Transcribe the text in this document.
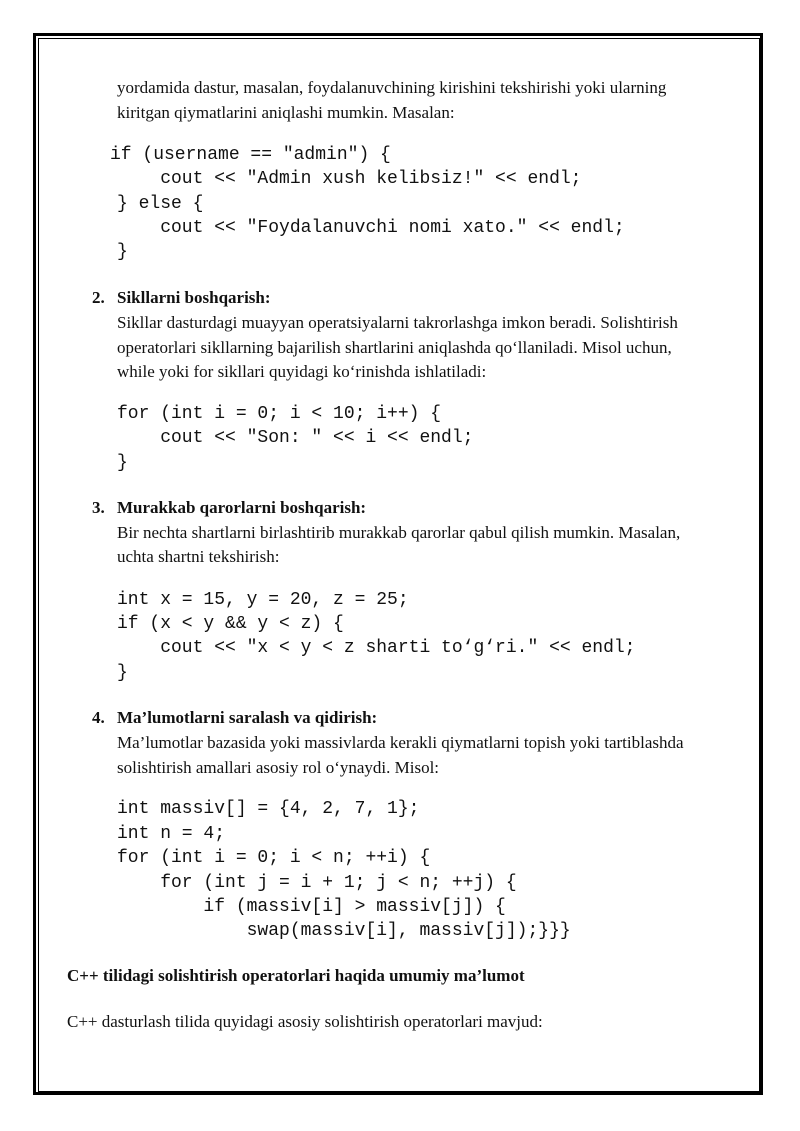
yordamida dastur, masalan, foydalanuvchining kirishini tekshirishi yoki ularning
kiritgan qiymatlarini aniqlashi mumkin. Masalan:
if (username == "admin") {
cout << "Admin xush kelibsiz!" << endl;
} else {
cout << "Foydalanuvchi nomi xato." << endl;
}
2. Sikllarni boshqarish:
Sikllar dasturdagi muayyan operatsiyalarni takrorlashga imkon beradi. Solishtirish
operatorlari sikllarning bajarilish shartlarini aniqlashda qo‘llaniladi. Misol uchun,
while yoki for sikllari quyidagi ko‘rinishda ishlatiladi:
for (int i = 0; i < 10; i++) {
cout << "Son: " << i << endl;
}
3. Murakkab qarorlarni boshqarish:
Bir nechta shartlarni birlashtirib murakkab qarorlar qabul qilish mumkin. Masalan,
uchta shartni tekshirish:
int x = 15, y = 20, z = 25;
if (x < y && y < z) {
cout << "x < y < z sharti to‘g‘ri." << endl;
}
4. Ma’lumotlarni saralash va qidirish:
Ma’lumotlar bazasida yoki massivlarda kerakli qiymatlarni topish yoki tartiblashda
solishtirish amallari asosiy rol o‘ynaydi. Misol:
int massiv[] = {4, 2, 7, 1};
int n = 4;
for (int i = 0; i < n; ++i) {
for (int j = i + 1; j < n; ++j) {
if (massiv[i] > massiv[j]) {
swap(massiv[i], massiv[j]);}}}
C++ tilidagi solishtirish operatorlari haqida umumiy ma’lumot
C++ dasturlash tilida quyidagi asosiy solishtirish operatorlari mavjud:
